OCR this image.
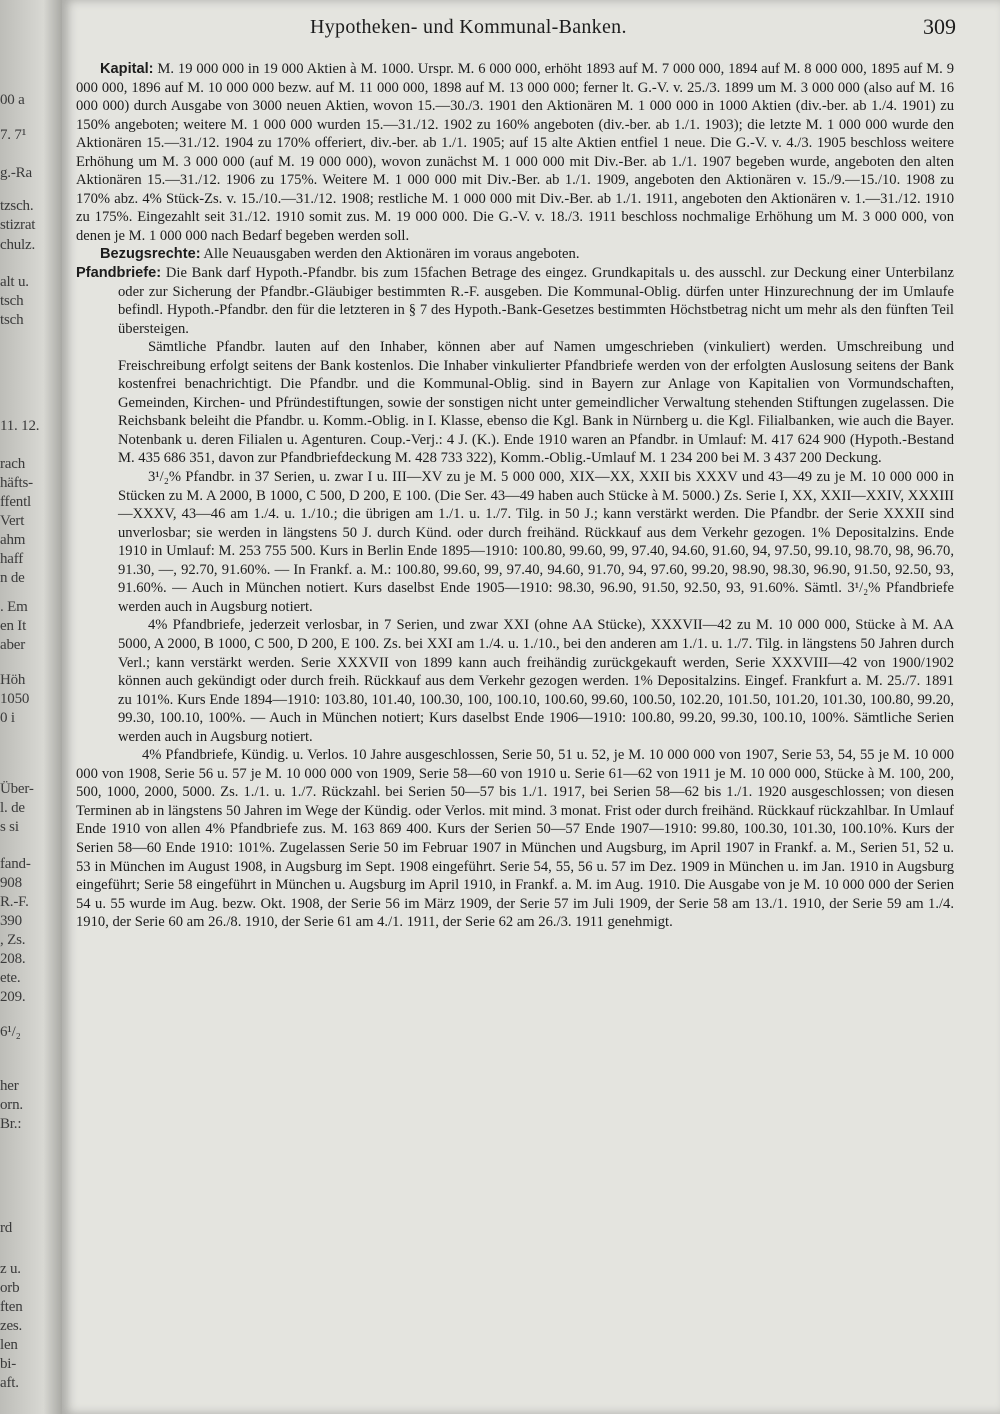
00 a
7. 7¹
g.-Ra
tzsch.
stizrat
chulz.
alt u.
tsch
tsch
11. 12.
rach
häfts-
ffentl
Vert
ahm
haff
n de
. Em
en It
aber
Höh
1050
0 i
Über-
l. de
s si
fand-
908
R.-F.
390
, Zs.
208.
ete.
209.
6¹/₂
her
orn.
Br.:
rd
z u.
orb
ften
zes.
len
bi-
aft.
Hypotheken- und Kommunal-Banken.	309

Kapital: M. 19 000 000 in 19 000 Aktien à M. 1000. Urspr. M. 6 000 000, erhöht 1893 auf M. 7 000 000, 1894 auf M. 8 000 000, 1895 auf M. 9 000 000, 1896 auf M. 10 000 000 bezw. auf M. 11 000 000, 1898 auf M. 13 000 000; ferner lt. G.-V. v. 25./3. 1899 um M. 3 000 000 (also auf M. 16 000 000) durch Ausgabe von 3000 neuen Aktien, wovon 15.—30./3. 1901 den Aktionären M. 1 000 000 in 1000 Aktien (div.-ber. ab 1./4. 1901) zu 150% angeboten; weitere M. 1 000 000 wurden 15.—31./12. 1902 zu 160% angeboten (div.-ber. ab 1./1. 1903); die letzte M. 1 000 000 wurde den Aktionären 15.—31./12. 1904 zu 170% offeriert, div.-ber. ab 1./1. 1905; auf 15 alte Aktien entfiel 1 neue. Die G.-V. v. 4./3. 1905 beschloss weitere Erhöhung um M. 3 000 000 (auf M. 19 000 000), wovon zunächst M. 1 000 000 mit Div.-Ber. ab 1./1. 1907 begeben wurde, angeboten den alten Aktionären 15.—31./12. 1906 zu 175%. Weitere M. 1 000 000 mit Div.-Ber. ab 1./1. 1909, angeboten den Aktionären v. 15./9.—15./10. 1908 zu 170% abz. 4% Stück-Zs. v. 15./10.—31./12. 1908; restliche M. 1 000 000 mit Div.-Ber. ab 1./1. 1911, angeboten den Aktionären v. 1.—31./12. 1910 zu 175%. Eingezahlt seit 31./12. 1910 somit zus. M. 19 000 000. Die G.-V. v. 18./3. 1911 beschloss nochmalige Erhöhung um M. 3 000 000, von denen je M. 1 000 000 nach Bedarf begeben werden soll.

Bezugsrechte: Alle Neuausgaben werden den Aktionären im voraus angeboten.

Pfandbriefe: Die Bank darf Hypoth.-Pfandbr. bis zum 15fachen Betrage des eingez. Grundkapitals u. des ausschl. zur Deckung einer Unterbilanz oder zur Sicherung der Pfandbr.-Gläubiger bestimmten R.-F. ausgeben. Die Kommunal-Oblig. dürfen unter Hinzurechnung der im Umlaufe befindl. Hypoth.-Pfandbr. den für die letzteren in § 7 des Hypoth.-Bank-Gesetzes bestimmten Höchstbetrag nicht um mehr als den fünften Teil übersteigen.

Sämtliche Pfandbr. lauten auf den Inhaber, können aber auf Namen umgeschrieben (vinkuliert) werden. Umschreibung und Freischreibung erfolgt seitens der Bank kostenlos. Die Inhaber vinkulierter Pfandbriefe werden von der erfolgten Auslosung seitens der Bank kostenfrei benachrichtigt. Die Pfandbr. und die Kommunal-Oblig. sind in Bayern zur Anlage von Kapitalien von Vormundschaften, Gemeinden, Kirchen- und Pfründestiftungen, sowie der sonstigen nicht unter gemeindlicher Verwaltung stehenden Stiftungen zugelassen. Die Reichsbank beleiht die Pfandbr. u. Komm.-Oblig. in I. Klasse, ebenso die Kgl. Bank in Nürnberg u. die Kgl. Filialbanken, wie auch die Bayer. Notenbank u. deren Filialen u. Agenturen. Coup.-Verj.: 4 J. (K.). Ende 1910 waren an Pfandbr. in Umlauf: M. 417 624 900 (Hypoth.-Bestand M. 435 686 351, davon zur Pfandbriefdeckung M. 428 733 322), Komm.-Oblig.-Umlauf M. 1 234 200 bei M. 3 437 200 Deckung.

3¹/₂% Pfandbr. in 37 Serien, u. zwar I u. III—XV zu je M. 5 000 000, XIX—XX, XXII bis XXXV und 43—49 zu je M. 10 000 000 in Stücken zu M. A 2000, B 1000, C 500, D 200, E 100. (Die Ser. 43—49 haben auch Stücke à M. 5000.) Zs. Serie I, XX, XXII—XXIV, XXXIII—XXXV, 43—46 am 1./4. u. 1./10.; die übrigen am 1./1. u. 1./7. Tilg. in 50 J.; kann verstärkt werden. Die Pfandbr. der Serie XXXII sind unverlosbar; sie werden in längstens 50 J. durch Künd. oder durch freihänd. Rückkauf aus dem Verkehr gezogen. 1% Depositalzins. Ende 1910 in Umlauf: M. 253 755 500. Kurs in Berlin Ende 1895—1910: 100.80, 99.60, 99, 97.40, 94.60, 91.60, 94, 97.50, 99.10, 98.70, 98, 96.70, 91.30, —, 92.70, 91.60%. — In Frankf. a. M.: 100.80, 99.60, 99, 97.40, 94.60, 91.70, 94, 97.60, 99.20, 98.90, 98.30, 96.90, 91.50, 92.50, 93, 91.60%. — Auch in München notiert. Kurs daselbst Ende 1905—1910: 98.30, 96.90, 91.50, 92.50, 93, 91.60%. Sämtl. 3¹/₂% Pfandbriefe werden auch in Augsburg notiert.

4% Pfandbriefe, jederzeit verlosbar, in 7 Serien, und zwar XXI (ohne AA Stücke), XXXVII—42 zu M. 10 000 000, Stücke à M. AA 5000, A 2000, B 1000, C 500, D 200, E 100. Zs. bei XXI am 1./4. u. 1./10., bei den anderen am 1./1. u. 1./7. Tilg. in längstens 50 Jahren durch Verl.; kann verstärkt werden. Serie XXXVII von 1899 kann auch freihändig zurückgekauft werden, Serie XXXVIII—42 von 1900/1902 können auch gekündigt oder durch freih. Rückkauf aus dem Verkehr gezogen werden. 1% Depositalzins. Eingef. Frankfurt a. M. 25./7. 1891 zu 101%. Kurs Ende 1894—1910: 103.80, 101.40, 100.30, 100, 100.10, 100.60, 99.60, 100.50, 102.20, 101.50, 101.20, 101.30, 100.80, 99.20, 99.30, 100.10, 100%. — Auch in München notiert; Kurs daselbst Ende 1906—1910: 100.80, 99.20, 99.30, 100.10, 100%. Sämtliche Serien werden auch in Augsburg notiert.

4% Pfandbriefe, Kündig. u. Verlos. 10 Jahre ausgeschlossen, Serie 50, 51 u. 52, je M. 10 000 000 von 1907, Serie 53, 54, 55 je M. 10 000 000 von 1908, Serie 56 u. 57 je M. 10 000 000 von 1909, Serie 58—60 von 1910 u. Serie 61—62 von 1911 je M. 10 000 000, Stücke à M. 100, 200, 500, 1000, 2000, 5000. Zs. 1./1. u. 1./7. Rückzahl. bei Serien 50—57 bis 1./1. 1917, bei Serien 58—62 bis 1./1. 1920 ausgeschlossen; von diesen Terminen ab in längstens 50 Jahren im Wege der Kündig. oder Verlos. mit mind. 3 monat. Frist oder durch freihänd. Rückkauf rückzahlbar. In Umlauf Ende 1910 von allen 4% Pfandbriefe zus. M. 163 869 400. Kurs der Serien 50—57 Ende 1907—1910: 99.80, 100.30, 101.30, 100.10%. Kurs der Serien 58—60 Ende 1910: 101%. Zugelassen Serie 50 im Februar 1907 in München und Augsburg, im April 1907 in Frankf. a. M., Serien 51, 52 u. 53 in München im August 1908, in Augsburg im Sept. 1908 eingeführt. Serie 54, 55, 56 u. 57 im Dez. 1909 in München u. im Jan. 1910 in Augsburg eingeführt; Serie 58 eingeführt in München u. Augsburg im April 1910, in Frankf. a. M. im Aug. 1910. Die Ausgabe von je M. 10 000 000 der Serien 54 u. 55 wurde im Aug. bezw. Okt. 1908, der Serie 56 im März 1909, der Serie 57 im Juli 1909, der Serie 58 am 13./1. 1910, der Serie 59 am 1./4. 1910, der Serie 60 am 26./8. 1910, der Serie 61 am 4./1. 1911, der Serie 62 am 26./3. 1911 genehmigt.
